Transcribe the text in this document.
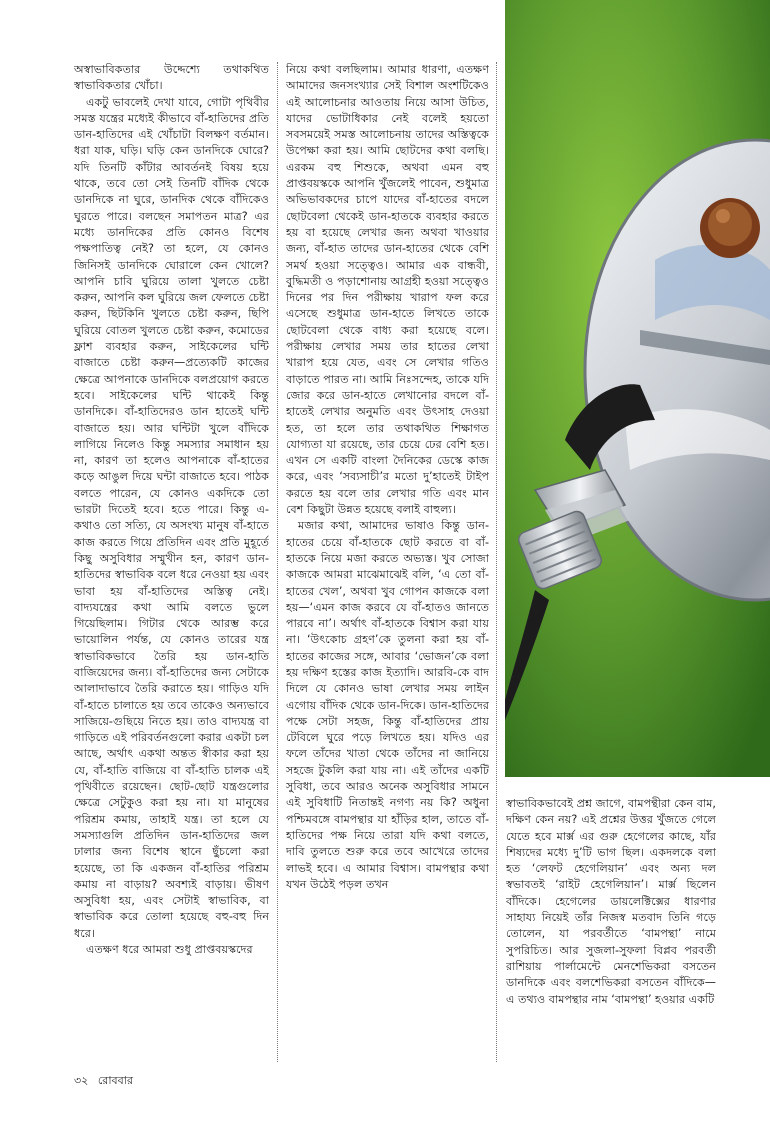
অস্বাভাবিকতার উদ্দেশ্যে তথাকথিত স্বাভাবিকতার খোঁচা।

একটু ভাবলেই দেখা যাবে, গোটা পৃথিবীর সমস্ত যন্ত্রের মধ্যেই কীভাবে বাঁ-হাতিদের প্রতি ডান-হাতিদের এই খোঁচাটা বিলক্ষণ বর্তমান। ধরা যাক, ঘড়ি। ঘড়ি কেন ডানদিকে ঘোরে? যদি তিনটি কাঁটার আবর্তনই বিষয় হয়ে থাকে, তবে তো সেই তিনটি বাঁদিক থেকে ডানদিকে না ঘুরে, ডানদিক থেকে বাঁদিকেও ঘুরতে পারে। বলছেন সমাপতন মাত্র? এর মধ্যে ডানদিকের প্রতি কোনও বিশেষ পক্ষপাতিত্ব নেই? তা হলে, যে কোনও জিনিসই ডানদিকে ঘোরালে কেন খোলে? আপনি চাবি ঘুরিয়ে তালা খুলতে চেষ্টা করুন, আপনি কল ঘুরিয়ে জল ফেলতে চেষ্টা করুন, ছিটকিনি খুলতে চেষ্টা করুন, ছিপি ঘুরিয়ে বোতল খুলতে চেষ্টা করুন, কমোডের ফ্লাশ ব্যবহার করুন, সাইকেলের ঘন্টি বাজাতে চেষ্টা করুন—প্রত্যেকটি কাজের ক্ষেত্রে আপনাকে ডানদিকে বলপ্রয়োগ করতে হবে। সাইকেলের ঘন্টি থাকেই কিন্তু ডানদিকে। বাঁ-হাতিদেরও ডান হাতেই ঘন্টি বাজাতে হয়। আর ঘন্টিটা খুলে বাঁদিকে লাগিয়ে নিলেও কিন্তু সমস্যার সমাধান হয় না, কারণ তা হলেও আপনাকে বাঁ-হাতের কড়ে আঙুল দিয়ে ঘন্টা বাজাতে হবে। পাঠক বলতে পারেন, যে কোনও একদিকে তো ভারটা দিতেই হবে। হতে পারে। কিন্তু এ-কথাও তো সত্যি, যে অসংখ্য মানুষ বাঁ-হাতে কাজ করতে গিয়ে প্রতিদিন এবং প্রতি মুহূর্তে কিছু অসুবিধার সম্মুখীন হন, কারণ ডান-হাতিদের স্বাভাবিক বলে ধরে নেওয়া হয় এবং ভাবা হয় বাঁ-হাতিদের অস্তিত্ব নেই। বাদ্যযন্ত্রের কথা আমি বলতে ভুলে গিয়েছিলাম। গিটার থেকে আরম্ভ করে ভায়োলিন পর্যন্ত, যে কোনও তারের যন্ত্র স্বাভাবিকভাবে তৈরি হয় ডান-হাতি বাজিয়েদের জন্য। বাঁ-হাতিদের জন্য সেটাকে আলাদাভাবে তৈরি করাতে হয়। গাড়িও যদি বাঁ-হাতে চালাতে হয় তবে তাকেও অন্যভাবে সাজিয়ে-গুছিয়ে নিতে হয়। তাও বাদ্যযন্ত্র বা গাড়িতে এই পরিবর্তনগুলো করার একটা চল আছে, অর্থাৎ একথা অন্তত স্বীকার করা হয় যে, বাঁ-হাতি বাজিয়ে বা বাঁ-হাতি চালক এই পৃথিবীতে রয়েছেন। ছোট-ছোট যন্ত্রগুলোর ক্ষেত্রে সেটুকুও করা হয় না। যা মানুষের পরিশ্রম কমায়, তাহাই যন্ত্র। তা হলে যে সমস্যাগুলি প্রতিদিন ডান-হাতিদের জল ঢালার জন্য বিশেষ স্থানে ছুঁচলো করা হয়েছে, তা কি একজন বাঁ-হাতির পরিশ্রম কমায় না বাড়ায়? অবশ্যই বাড়ায়। ভীষণ অসুবিধা হয়, এবং সেটাই স্বাভাবিক, বা স্বাভাবিক করে তোলা হয়েছে বহু-বহু দিন ধরে।

এতক্ষণ ধরে আমরা শুধু প্রাপ্তবয়স্কদের

নিয়ে কথা বলছিলাম। আমার ধারণা, এতক্ষণ আমাদের জনসংখ্যার সেই বিশাল অংশটিকেও এই আলোচনার আওতায় নিয়ে আসা উচিত, যাদের ভোটাধিকার নেই বলেই হয়তো সবসময়েই সমস্ত আলোচনায় তাদের অস্তিত্বকে উপেক্ষা করা হয়। আমি ছোটদের কথা বলছি। এরকম বহু শিশুকে, অথবা এমন বহু প্রাপ্তবয়স্ককে আপনি খুঁজলেই পাবেন, শুধুমাত্র অভিভাবকদের চাপে যাদের বাঁ-হাতের বদলে ছোটবেলা থেকেই ডান-হাতকে ব্যবহার করতে হয় বা হয়েছে লেখার জন্য অথবা খাওয়ার জন্য, বাঁ-হাত তাদের ডান-হাতের থেকে বেশি সমর্থ হওয়া সত্ত্বেও। আমার এক বান্ধবী, বুদ্ধিমতী ও পড়াশোনায় আগ্রহী হওয়া সত্ত্বেও দিনের পর দিন পরীক্ষায় খারাপ ফল করে এসেছে শুধুমাত্র ডান-হাতে লিখতে তাকে ছোটবেলা থেকে বাধ্য করা হয়েছে বলে। পরীক্ষায় লেখার সময় তার হাতের লেখা খারাপ হয়ে যেত, এবং সে লেখার গতিও বাড়াতে পারত না। আমি নিঃসন্দেহ, তাকে যদি জোর করে ডান-হাতে লেখানোর বদলে বাঁ-হাতেই লেখার অনুমতি এবং উৎসাহ দেওয়া হত, তা হলে তার তথাকথিত শিক্ষাগত যোগ্যতা যা রয়েছে, তার চেয়ে ঢের বেশি হত। এখন সে একটি বাংলা দৈনিকের ডেস্কে কাজ করে, এবং ‘সব্যসাচী’র মতো দু’হাতেই টাইপ করতে হয় বলে তার লেখার গতি এবং মান বেশ কিছুটা উন্নত হয়েছে বলাই বাহুল্য।

মজার কথা, আমাদের ভাষাও কিন্তু ডান-হাতের চেয়ে বাঁ-হাতকে ছোট করতে বা বাঁ-হাতকে নিয়ে মজা করতে অভ্যস্ত। খুব সোজা কাজকে আমরা মাঝেমাঝেই বলি, ‘এ তো বাঁ-হাতের খেল’, অথবা খুব গোপন কাজকে বলা হয়—‘এমন কাজ করবে যে বাঁ-হাতও জানতে পারবে না’। অর্থাৎ বাঁ-হাতকে বিশ্বাস করা যায় না। ‘উৎকোচ গ্রহণ’কে তুলনা করা হয় বাঁ-হাতের কাজের সঙ্গে, আবার ‘ভোজন’কে বলা হয় দক্ষিণ হস্তের কাজ ইত্যাদি। আরবি-কে বাদ দিলে যে কোনও ভাষা লেখার সময় লাইন এগোয় বাঁদিক থেকে ডান-দিকে। ডান-হাতিদের পক্ষে সেটা সহজ, কিন্তু বাঁ-হাতিদের প্রায় টেবিলে ঘুরে পড়ে লিখতে হয়। যদিও এর ফলে তাঁদের খাতা থেকে তাঁদের না জানিয়ে সহজে টুকলি করা যায় না। এই তাঁদের একটি সুবিধা, তবে আরও অনেক অসুবিধার সামনে এই সুবিধাটি নিতান্তই নগণ্য নয় কি? অধুনা পশ্চিমবঙ্গে বামপন্থার যা হাঁড়ির হাল, তাতে বাঁ-হাতিদের পক্ষ নিয়ে তারা যদি কথা বলতে, দাবি তুলতে শুরু করে তবে আখেরে তাদের লাভই হবে। এ আমার বিশ্বাস। বামপন্থার কথা যখন উঠেই পড়ল তখন

স্বাভাবিকভাবেই প্রশ্ন জাগে, বামপন্থীরা কেন বাম, দক্ষিণ কেন নয়? এই প্রশ্নের উত্তর খুঁজতে গেলে যেতে হবে মার্ক্স এর গুরু হেগেলের কাছে, যাঁর শিষ্যদের মধ্যে দু’টি ভাগ ছিল। একদলকে বলা হত ‘লেফট হেগেলিয়ান’ এবং অন্য দল স্বভাবতই ‘রাইট হেগেলিয়ান’। মার্ক্স ছিলেন বাঁদিকে। হেগেলের ডায়লেক্টিক্সের ধারণার সাহায্য নিয়েই তাঁর নিজস্ব মতবাদ তিনি গড়ে তোলেন, যা পরবর্তীতে ‘বামপন্থা’ নামে সুপরিচিত। আর সুজলা-সুফলা বিপ্লব পরবর্তী রাশিয়ায় পার্লামেন্টে মেনশেভিকরা বসতেন ডানদিকে এবং বলশেভিকরা বসতেন বাঁদিকে—এ তথ্যও বামপন্থার নাম ‘বামপন্থা’ হওয়ার একটি

৩২ রোববার
